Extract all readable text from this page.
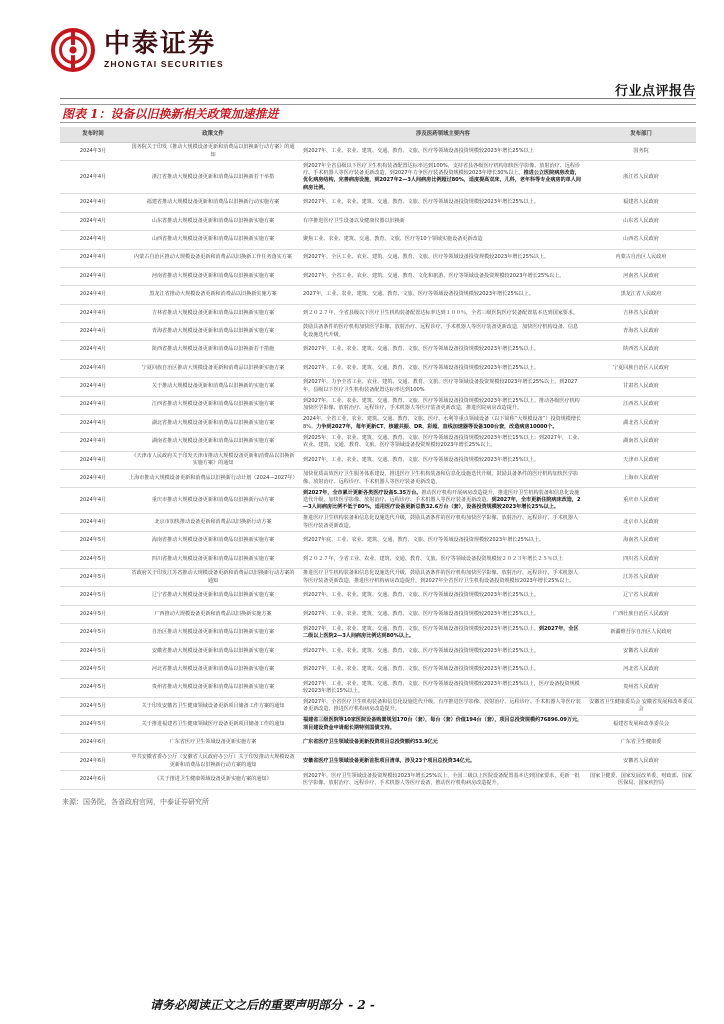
中泰证券
ZHONGTAI SECURITIES
行业点评报告
图表 1：设备以旧换新相关政策加速推进
发布时间	政策文件	涉及医药领域主要内容	发布部门
2024年3月	国务院关于印发《推动大规模设备更新和消费品以旧换新行动方案》的通知	到2027年，工业、农业、建筑、交通、教育、文旅、医疗等领域设备投资规模较2023年增长25%以上	国务院
2024年4月	浙江省推动大规模设备更新和消费品以旧换新若干举措	到2027年全省县级以下医疗卫生机构装备配置达标率达到100%，支持省县各级医疗机构加快医学影像、放射治疗、远程诊疗、手术机器人等医疗装备更新改造，到2027年力争医疗装备投资规模较2023年增长30%以上。推进公立医院病房改造，优化病房结构，完善病房设施，到2027年2—3人间病房比例超过80%，适度提高双床，儿科，老年科等专业病房的单人间病房比例。	浙江省人民政府
2024年4月	福建省推动大规模设备更新和消费品以旧换新行动实施方案	到2027年，工业、农业、建筑、交通、教育、文旅、医疗等领域设备投资规模较2023年增长25%以上。	福建省人民政府
2024年4月	山东省推动大规模设备更新和消费品以旧换新实施方案	有序推进医疗卫生设备以及健康仪器以旧换新	山东省人民政府
2024年4月	山西省推动大规模设备更新和消费品以旧换新实施方案	聚焦工业、农业、建筑、交通、教育、文旅、医疗等10个领域实施设备更新改造	山西省人民政府
2024年4月	内蒙古自治区推动大规模设备更新和消费品以旧换新工作任务落实方案	到2027年，全区工业、农业、建筑、交通、教育、文旅、医疗等领域设备投资规模较2023年增长25%以上。	内蒙古自治区人民政府
2024年4月	河南省推动大规模设备更新和消费品以旧换新实施方案	到2027年，全省工业、农业、建筑、交通、教育、文化和旅游、医疗等领域设备投资规模较2023年增长25%以上。	河南省人民政府
2024年4月	黑龙江省推动大规模设备更新和消费品以旧换新实施方案	2027年，工业、农业、建筑、交通、教育、文旅、医疗等领域设备投资规模较2023年增长25%以上。	黑龙江省人民政府
2024年4月	吉林省推动大规模设备更新和消费品以旧换新实施方案	到２０２７年，全省县级以下医疗卫生机构装备配置达标率达到１００％，全省三级医院医疗装备配置基本达到国家要求。	吉林省人民政府
2024年4月	青海省推动大规模设备更新和消费品以旧换新实施方案	鼓励具备条件的医疗机构加快医学影像、放射治疗、远程诊疗、手术机器人等医疗装备更新改造，加快医疗机构设备、信息化设施迭代升级。	青海省人民政府
2024年4月	陕西省推动大规模设备更新和消费品以旧换新若干措施	到2027年，工业、农业、建筑、交通、教育、文旅、医疗等领域设备投资规模较2023年增长25%以上。	陕西省人民政府
2024年4月	宁夏回族自治区推动大规模设备更新和消费品以旧换新实施方案	到2027年，工业、农业、建筑、交通、教育、文旅、医疗等领域设备投资规模较2023年增长25%以上。	宁夏回族自治区人民政府
2024年4月	关于推动大规模设备更新和消费品以旧换新的实施方案	到2027年，力争全省工业、农业、建筑、交通、教育、文旅、医疗等领域设备投资规模较2023年增长25%以上。到2027年，县级以下医疗卫生机构装备配置达标率达到100%	甘肃省人民政府
2024年4月	江西省推动大规模设备更新和消费品以旧换新实施方案	到2027年，工业、农业、建筑、交通、教育、文旅、医疗等领域设备投资规模较2023年增长25%以上。推动各级医疗机构加快医学影像、放射治疗、远程诊疗、手术机器人等医疗装备更新改造，推进医院病房改造提升。	江西省人民政府
2024年4月	湖北省推动大规模设备更新和消费品以旧换新实施方案	2024年，全省工业、农业、建筑、交通、教育、文旅、医疗、水利等重点领域设备（以下简称“大规模设备”）投资规模增长8%。力争到2027年，每年更新CT、核磁共振、DR、彩超、直线加速器等设备300台套，改造病房10000个。	湖北省人民政府
2024年4月	湖南省推动大规模设备更新和消费品以旧换新实施方案	到2025年，工业、农业、建筑、交通、教育、文旅、医疗等领域设备投资规模较2023年增长15%以上；到2027年，工业、农业、建筑、交通、教育、文旅、医疗等领域设备投资规模较2023年增长25%以上。	湖南省人民政府
2024年4月	《天津市人民政府关于印发天津市推动大规模设备更新和消费品以旧换新实施方案》的通知	到2027年，工业、农业、建筑、交通、教育、文旅、医疗等领域设备投资规模较2023年增长25%以上。	天津市人民政府
2024年4月	上海市推动大规模设备更新和消费品以旧换新行动计划（2024—2027年）	加快优质高效医疗卫生服务体系建设，推进医疗卫生机构装备和信息化设施迭代升级。鼓励具备条件的医疗机构加快医学影像、放射治疗、远程诊疗、手术机器人等医疗装备更新改造。	上海市人民政府
2024年4月	重庆市推动大规模设备更新和消费品以旧换新行动方案	到2027年，全市累计更新各类医疗设备5.35万台。推动医疗机构开展病房改造提升，推进医疗卫生机构装备和信息化设施迭代升级，加快医学影像、放射治疗、远程诊疗、手术机器人等医疗装备更新改造。到2027年，全市更新住院病床改造，2—3人间病房比例不低于80%，适用医疗设备更新总数32.6万台（套），设备投资规模较2023年增长25%以上。	重庆市人民政府
2024年4月	北京市加快推动设备更新和消费品以旧换新行动方案	推进医疗卫生机构装备和信息化设施迭代升级，鼓励具备条件的医疗机构加快医学影像、放射治疗、远程诊疗、手术机器人等医疗装备更新改造。	北京市人民政府
2024年5月	海南省推动大规模设备更新和消费品以旧换新实施方案	到2027年底，工业、农业、建筑、交通、教育、文旅、医疗等领域设备投资规模较2023年增长25%以上。	海南省人民政府
2024年5月	四川省推动大规模设备更新和消费品以旧换新实施方案	到２０２７年，全省工业、农业、建筑、交通、教育、文旅、医疗等领域设备投资规模较２０２３年增长２５％以上	四川省人民政府
2024年5月	省政府关于印发江苏省推动大规模设备更新和消费品以旧换新行动方案的通知	推进医疗卫生机构装备和信息化设施迭代升级，鼓励具备条件的医疗机构加快医学影像、放射治疗、远程诊疗、手术机器人等医疗装备更新改造，推进医疗机构病房改造提升，到2027年全省医疗卫生机构设备投资规模较2023年增长25%以上。	江苏省人民政府
2024年5月	辽宁省推动大规模设备更新和消费品以旧换新实施方案	到2027年，工业、农业、建筑、交通、教育、文旅、医疗等领域设备投资规模较2023年增长25%以上。	辽宁省人民政府
2024年5月	广西推动大规模设备更新和消费品以旧换新实施方案	到2027年，工业、农业、建筑、交通、教育、文旅、医疗等领域设备投资规模较2023年增长25%以上。	广西壮族自治区人民政府
2024年5月	自治区推动大规模设备更新和消费品以旧换新实施方案	到2027年，工业、农业、建筑、交通、教育、文旅、医疗等领域设备投资规模较2023年增长25%以上。到2027年，全区二级以上医院2—3人间病房比例达到80%以上。	新疆维吾尔自治区人民政府
2024年5月	安徽省推动大规模设备更新和消费品以旧换新实施方案	到2027年，工业、农业、建筑、交通、教育、文旅、医疗等领域设备投资规模较2023年增长25%以上。	安徽省人民政府
2024年5月	河北省推动大规模设备更新和消费品以旧换新实施方案	到2027年，工业、农业、建筑、交通、教育、文旅、医疗等领域设备投资规模较2023年增长25%以上。	河北省人民政府
2024年5月	贵州省推动大规模设备更新和消费品以旧换新实施方案	到2027年，工业、农业、建筑、交通、教育、文旅、医疗等领域设备投资规模较2023年增长25%以上，医疗设备投资规模较2023年增长15%以上。	贵州省人民政府
2024年5月	关于印发安徽省卫生健康领域设备更新项目储备工作方案的通知	到2027年，全省医疗卫生机构装备和信息化设施迭代升级，有序推进医学影像、放射治疗、远程诊疗、手术机器人等医疗装备更新改造，推进医疗机构病房改造提升。	安徽省卫生健康委员会 安徽省发展和改革委员会
2024年5月	关于推进福建省卫生健康领域医疗设备更新项目储备工作的通知	福建省三级医院等10家医院设备购置规划170台（套），每台（套）价值194台（套），项目总投资规模约76896.09万元，项目建设资金申请超长期特别国债支持。	福建省发展和改革委员会
2024年6月	广东省医疗卫生领域设备更新实施方案	广东省医疗卫生领域设备更新投资项目总投资额约53.9亿元	广东省卫生健康委
2024年6月	中共安徽省委办公厅（安徽省人民政府办公厅）关于印发推动大规模设备更新和消费品以旧换新行动方案的通知	安徽省医疗卫生领域设备更新首批项目清单，涉及23个项目总投资34亿元。	安徽省人民政府
2024年6月	《关于推进卫生健康领域设备更新实施方案的通知》	到2027年，医疗卫生领域设备投资规模较2023年增长25%以上，全国二级以上医院设备配置基本达到国家要求，更新一批医学影像、放射治疗、远程诊疗、手术机器人等医疗设备，推动医疗机构病房改造提升。	国家卫健委、国家发展改革委、财政部、国家医保局、国家疾控局

来源：国务院，各省政府官网，中泰证券研究所
请务必阅读正文之后的重要声明部分 - 2 -
